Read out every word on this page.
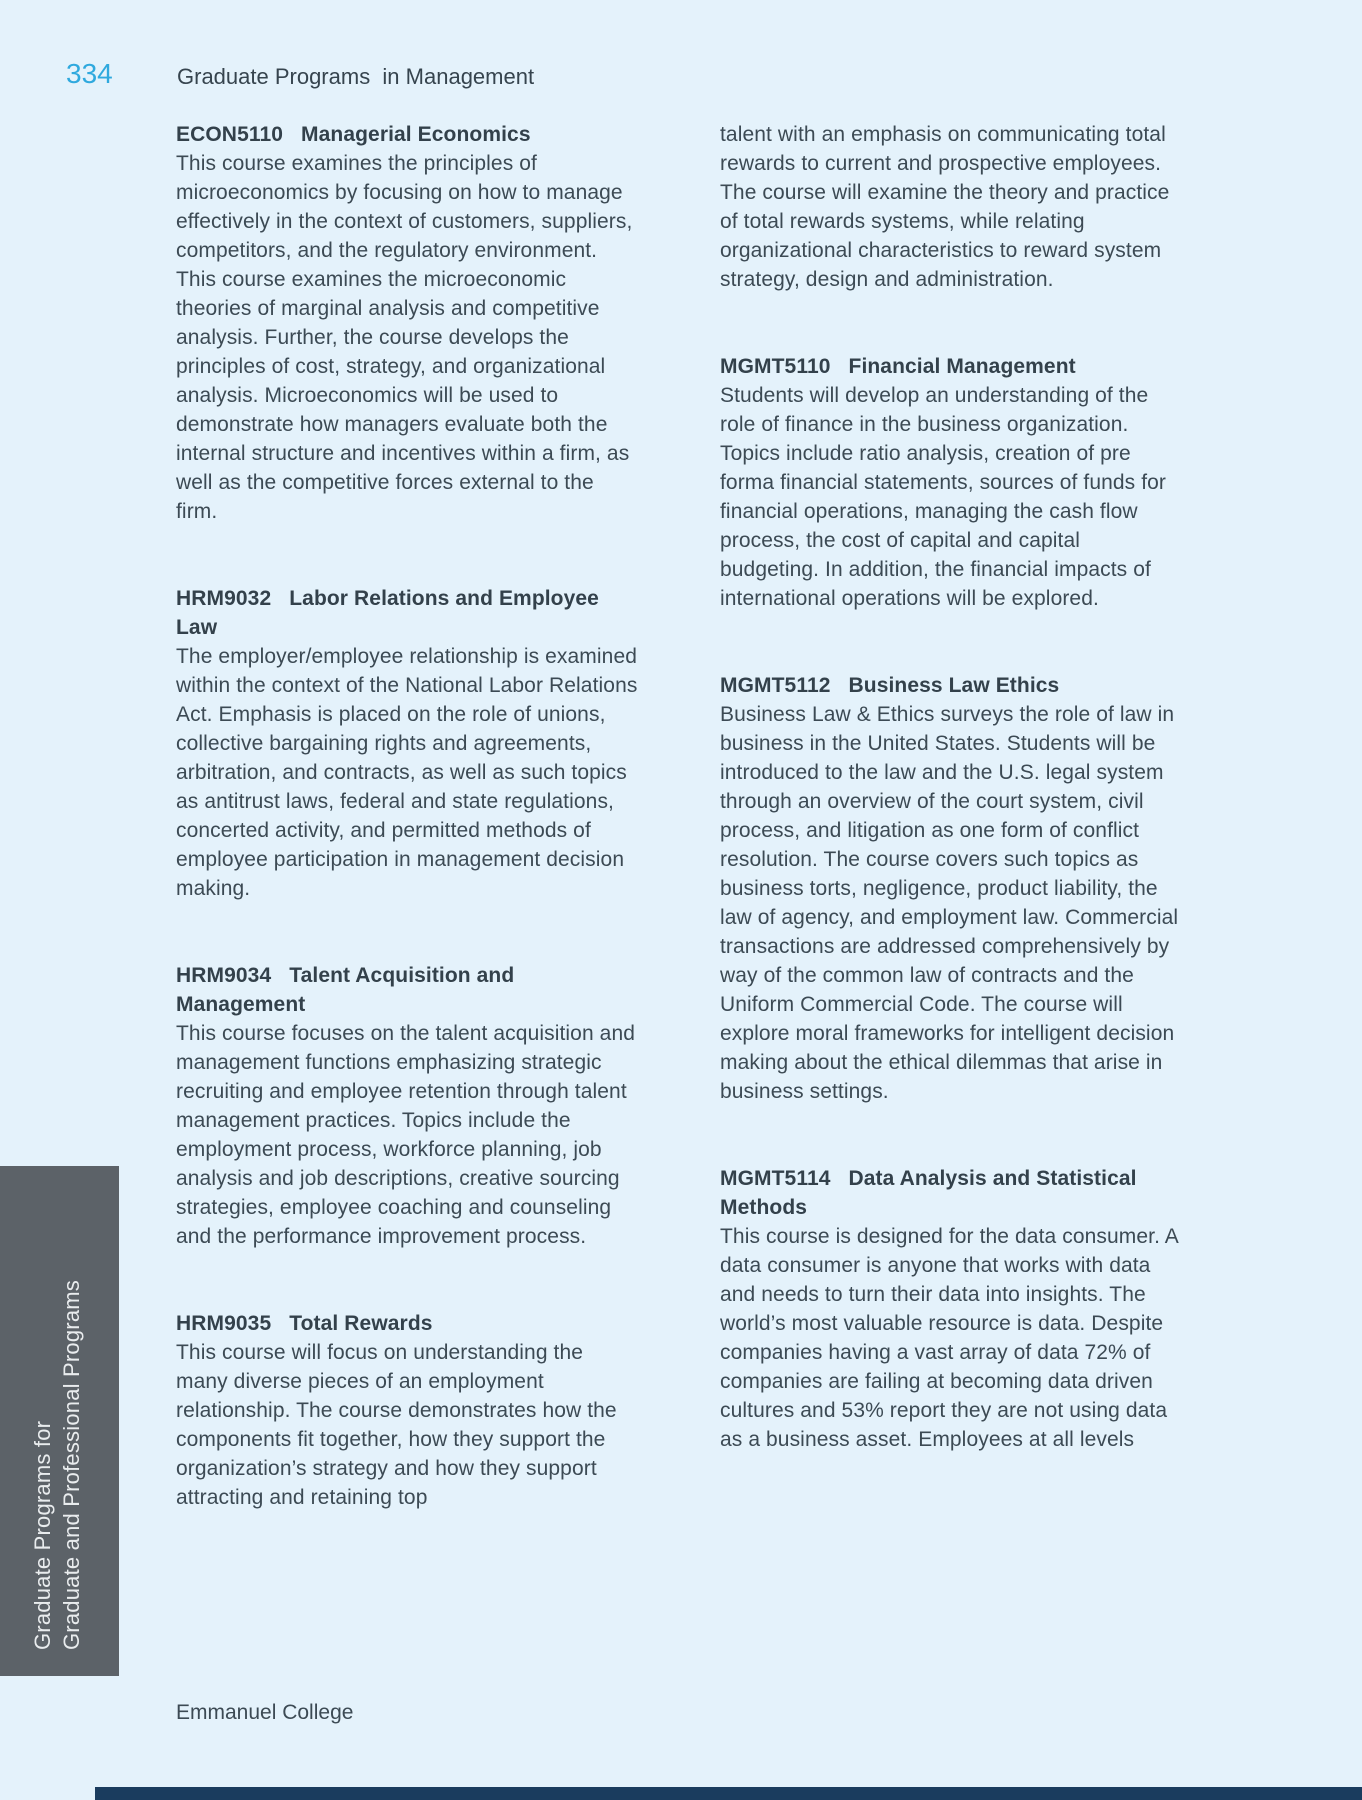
334	Graduate Programs  in Management
ECON5110 Managerial Economics

This course examines the principles of microeconomics by focusing on how to manage effectively in the context of customers, suppliers, competitors, and the regulatory environment. This course examines the microeconomic theories of marginal analysis and competitive analysis. Further, the course develops the principles of cost, strategy, and organizational analysis. Microeconomics will be used to demonstrate how managers evaluate both the internal structure and incentives within a firm, as well as the competitive forces external to the firm.

HRM9032 Labor Relations and Employee Law

The employer/employee relationship is examined within the context of the National Labor Relations Act. Emphasis is placed on the role of unions, collective bargaining rights and agreements, arbitration, and contracts, as well as such topics as antitrust laws, federal and state regulations, concerted activity, and permitted methods of employee participation in management decision making.

HRM9034 Talent Acquisition and Management

This course focuses on the talent acquisition and management functions emphasizing strategic recruiting and employee retention through talent management practices. Topics include the employment process, workforce planning, job analysis and job descriptions, creative sourcing strategies, employee coaching and counseling and the performance improvement process.

HRM9035 Total Rewards

This course will focus on understanding the many diverse pieces of an employment relationship. The course demonstrates how the components fit together, how they support the organization’s strategy and how they support attracting and retaining top

talent with an emphasis on communicating total rewards to current and prospective employees. The course will examine the theory and practice of total rewards systems, while relating organizational characteristics to reward system strategy, design and administration.

MGMT5110 Financial Management

Students will develop an understanding of the role of finance in the business organization. Topics include ratio analysis, creation of pre forma financial statements, sources of funds for financial operations, managing the cash flow process, the cost of capital and capital budgeting. In addition, the financial impacts of international operations will be explored.

MGMT5112 Business Law Ethics

Business Law & Ethics surveys the role of law in business in the United States. Students will be introduced to the law and the U.S. legal system through an overview of the court system, civil process, and litigation as one form of conflict resolution. The course covers such topics as business torts, negligence, product liability, the law of agency, and employment law. Commercial transactions are addressed comprehensively by way of the common law of contracts and the Uniform Commercial Code. The course will explore moral frameworks for intelligent decision making about the ethical dilemmas that arise in business settings.

MGMT5114 Data Analysis and Statistical Methods

This course is designed for the data consumer. A data consumer is anyone that works with data and needs to turn their data into insights. The world’s most valuable resource is data. Despite companies having a vast array of data 72% of companies are failing at becoming data driven cultures and 53% report they are not using data as a business asset. Employees at all levels

Emmanuel College
Graduate Programs for Graduate and Professional Programs
